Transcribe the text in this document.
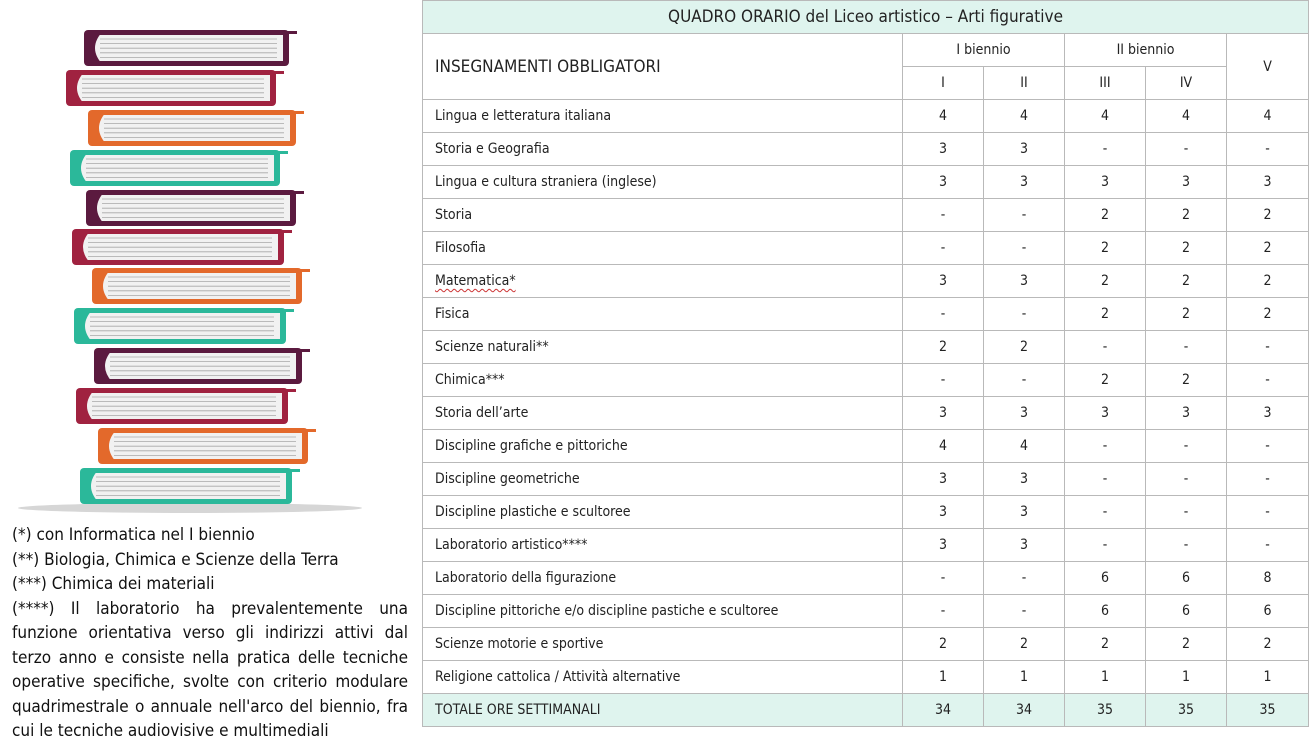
(*) con Informatica nel I biennio

(**) Biologia, Chimica e Scienze della Terra

(***) Chimica dei materiali

(****) Il laboratorio ha prevalentemente una funzione orientativa verso gli indirizzi attivi dal terzo anno e consiste nella pratica delle tecniche operative specifiche, svolte con criterio modulare quadrimestrale o annuale nell'arco del biennio, fra cui le tecniche audiovisive e multimediali

QUADRO ORARIO del Liceo artistico – Arti figurative					
INSEGNAMENTI OBBLIGATORI	I biennio		II biennio		V
	I	II	III	IV	
Lingua e letteratura italiana	4	4	4	4	4
Storia e Geografia	3	3	-	-	-
Lingua e cultura straniera (inglese)	3	3	3	3	3
Storia	-	-	2	2	2
Filosofia	-	-	2	2	2
Matematica*	3	3	2	2	2
Fisica	-	-	2	2	2
Scienze naturali**	2	2	-	-	-
Chimica***	-	-	2	2	-
Storia dell’arte	3	3	3	3	3
Discipline grafiche e pittoriche	4	4	-	-	-
Discipline geometriche	3	3	-	-	-
Discipline plastiche e scultoree	3	3	-	-	-
Laboratorio artistico****	3	3	-	-	-
Laboratorio della figurazione	-	-	6	6	8
Discipline pittoriche e/o discipline pastiche e scultoree	-	-	6	6	6
Scienze motorie e sportive	2	2	2	2	2
Religione cattolica / Attività alternative	1	1	1	1	1
TOTALE ORE SETTIMANALI	34	34	35	35	35
